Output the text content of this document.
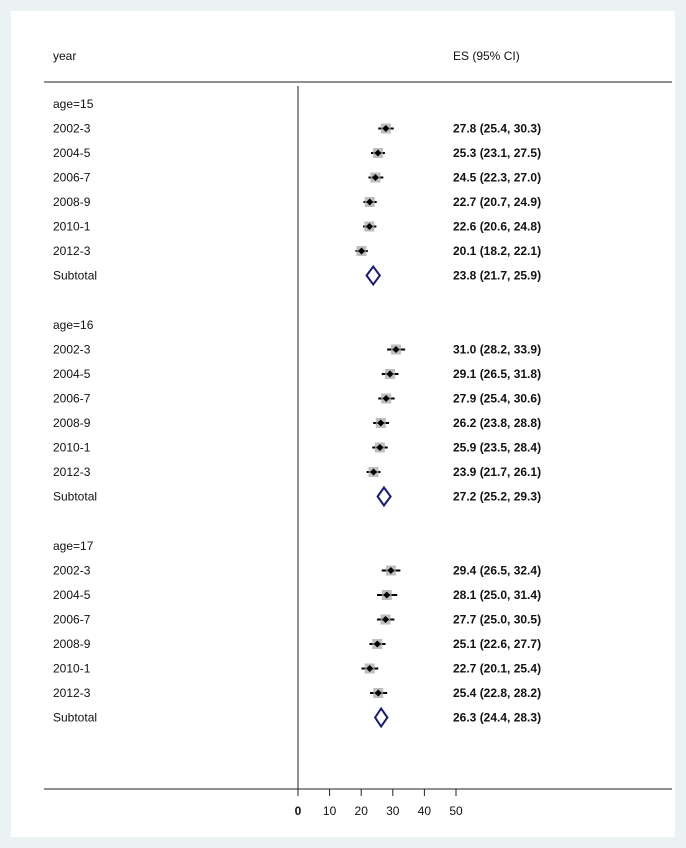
year	ES (95% CI)
age=15
2002-3	27.8 (25.4, 30.3)
2004-5	25.3 (23.1, 27.5)
2006-7	24.5 (22.3, 27.0)
2008-9	22.7 (20.7, 24.9)
2010-1	22.6 (20.6, 24.8)
2012-3	20.1 (18.2, 22.1)
Subtotal	23.8 (21.7, 25.9)
age=16
2002-3	31.0 (28.2, 33.9)
2004-5	29.1 (26.5, 31.8)
2006-7	27.9 (25.4, 30.6)
2008-9	26.2 (23.8, 28.8)
2010-1	25.9 (23.5, 28.4)
2012-3	23.9 (21.7, 26.1)
Subtotal	27.2 (25.2, 29.3)
age=17
2002-3	29.4 (26.5, 32.4)
2004-5	28.1 (25.0, 31.4)
2006-7	27.7 (25.0, 30.5)
2008-9	25.1 (22.6, 27.7)
2010-1	22.7 (20.1, 25.4)
2012-3	25.4 (22.8, 28.2)
Subtotal	26.3 (24.4, 28.3)
0 10 20 30 40 50
